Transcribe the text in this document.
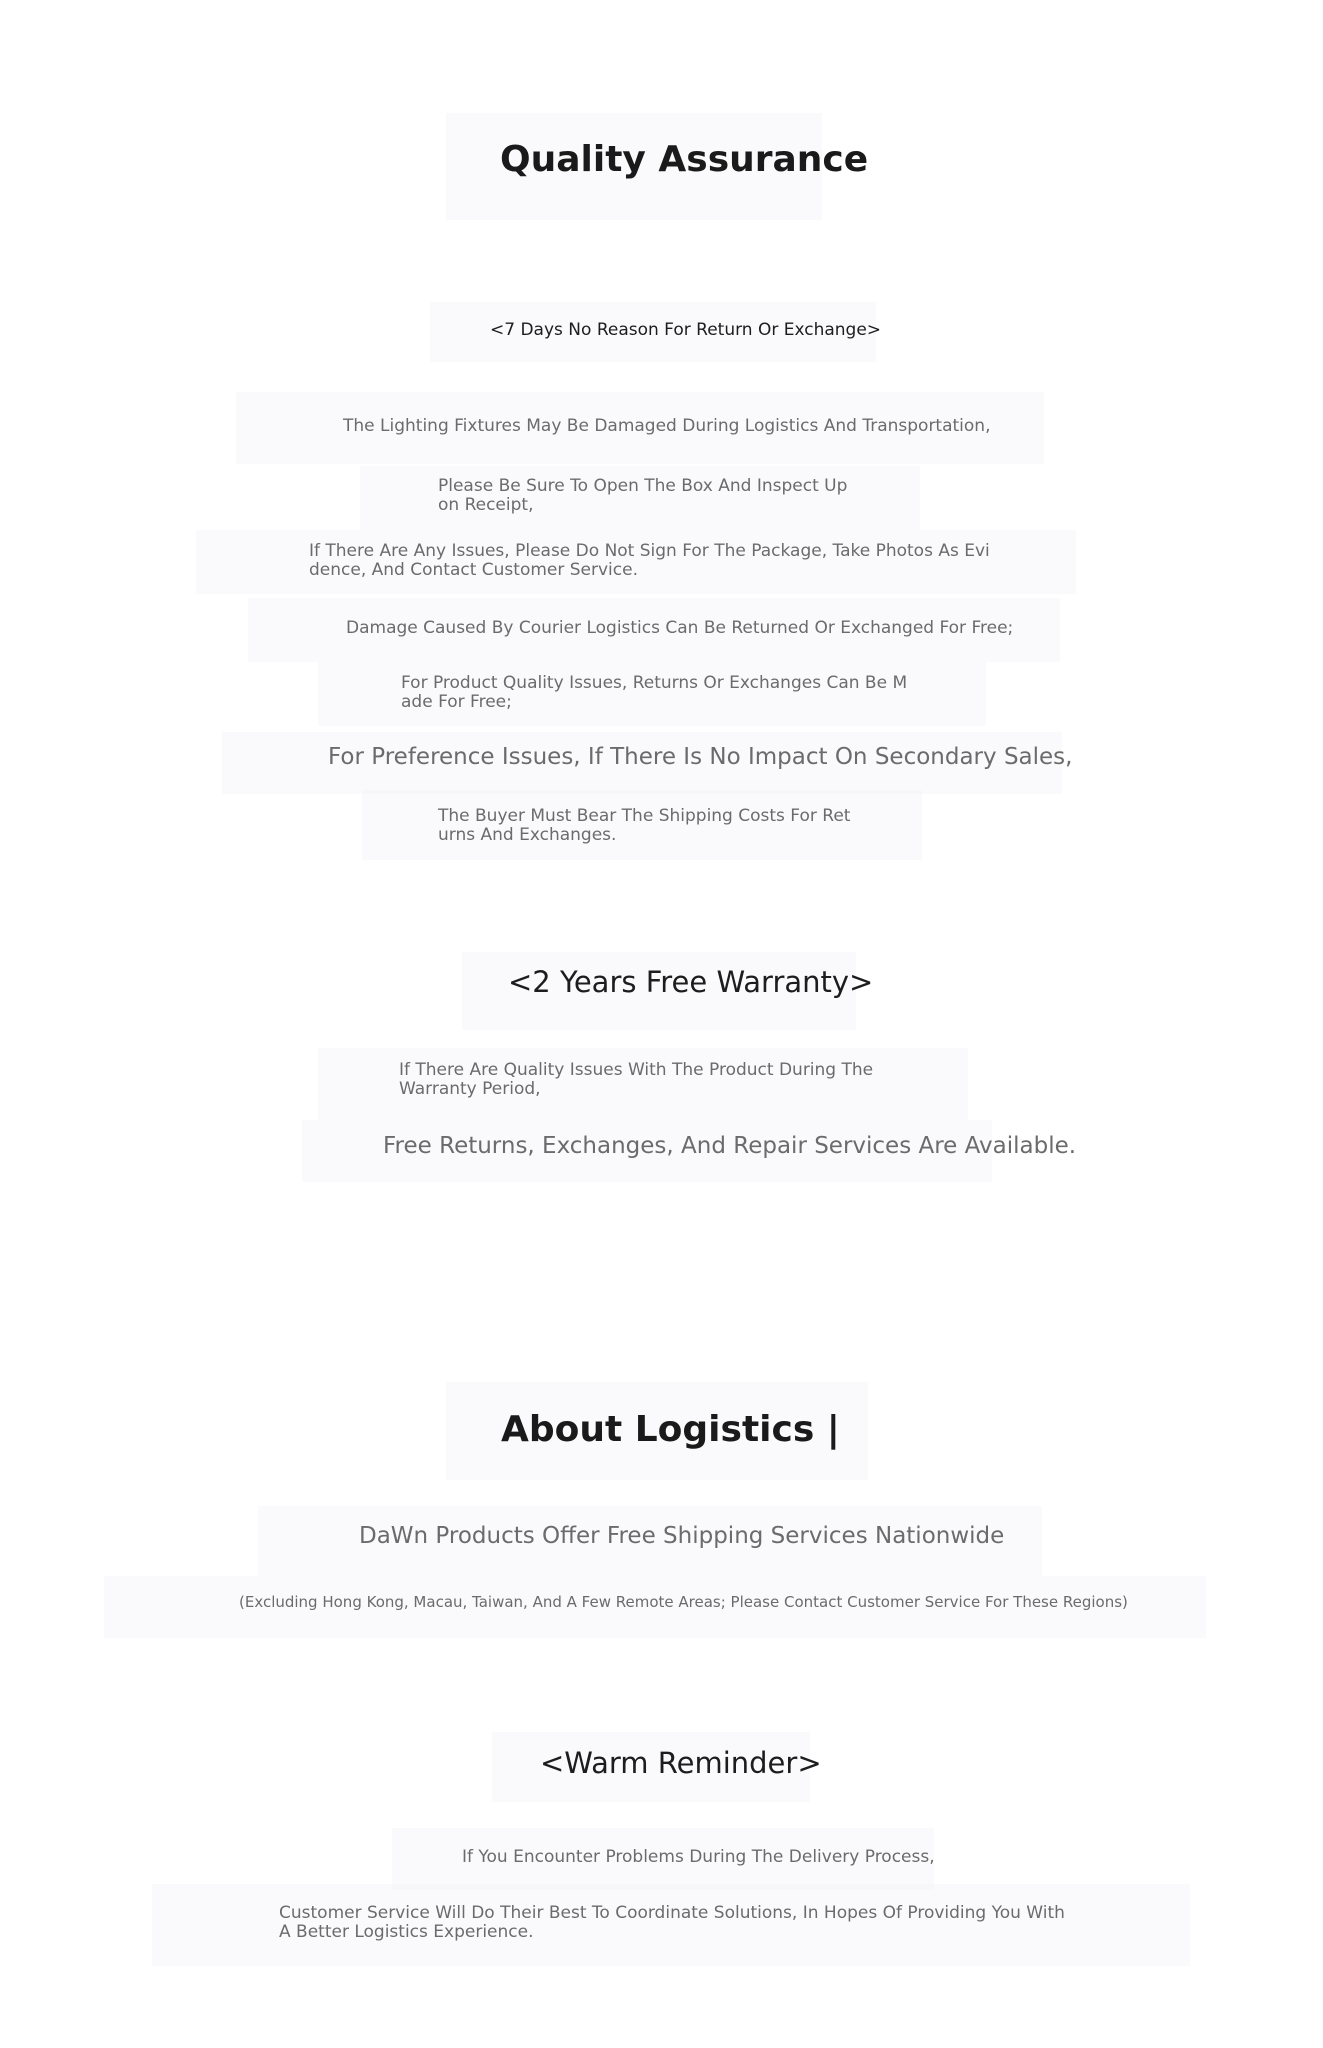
Quality Assurance
<7 Days No Reason For Return Or Exchange>
The Lighting Fixtures May Be Damaged During Logistics And Transportation,
Please Be Sure To Open The Box And Inspect Up
on Receipt,
If There Are Any Issues, Please Do Not Sign For The Package, Take Photos As Evi
dence, And Contact Customer Service.
Damage Caused By Courier Logistics Can Be Returned Or Exchanged For Free;
For Product Quality Issues, Returns Or Exchanges Can Be M
ade For Free;
For Preference Issues, If There Is No Impact On Secondary Sales,
The Buyer Must Bear The Shipping Costs For Ret
urns And Exchanges.
<2 Years Free Warranty>
If There Are Quality Issues With The Product During The
Warranty Period,
Free Returns, Exchanges, And Repair Services Are Available.
About Logistics |
DaWn Products Offer Free Shipping Services Nationwide
(Excluding Hong Kong, Macau, Taiwan, And A Few Remote Areas; Please Contact Customer Service For These Regions)
<Warm Reminder>
If You Encounter Problems During The Delivery Process,
Customer Service Will Do Their Best To Coordinate Solutions, In Hopes Of Providing You With
A Better Logistics Experience.
